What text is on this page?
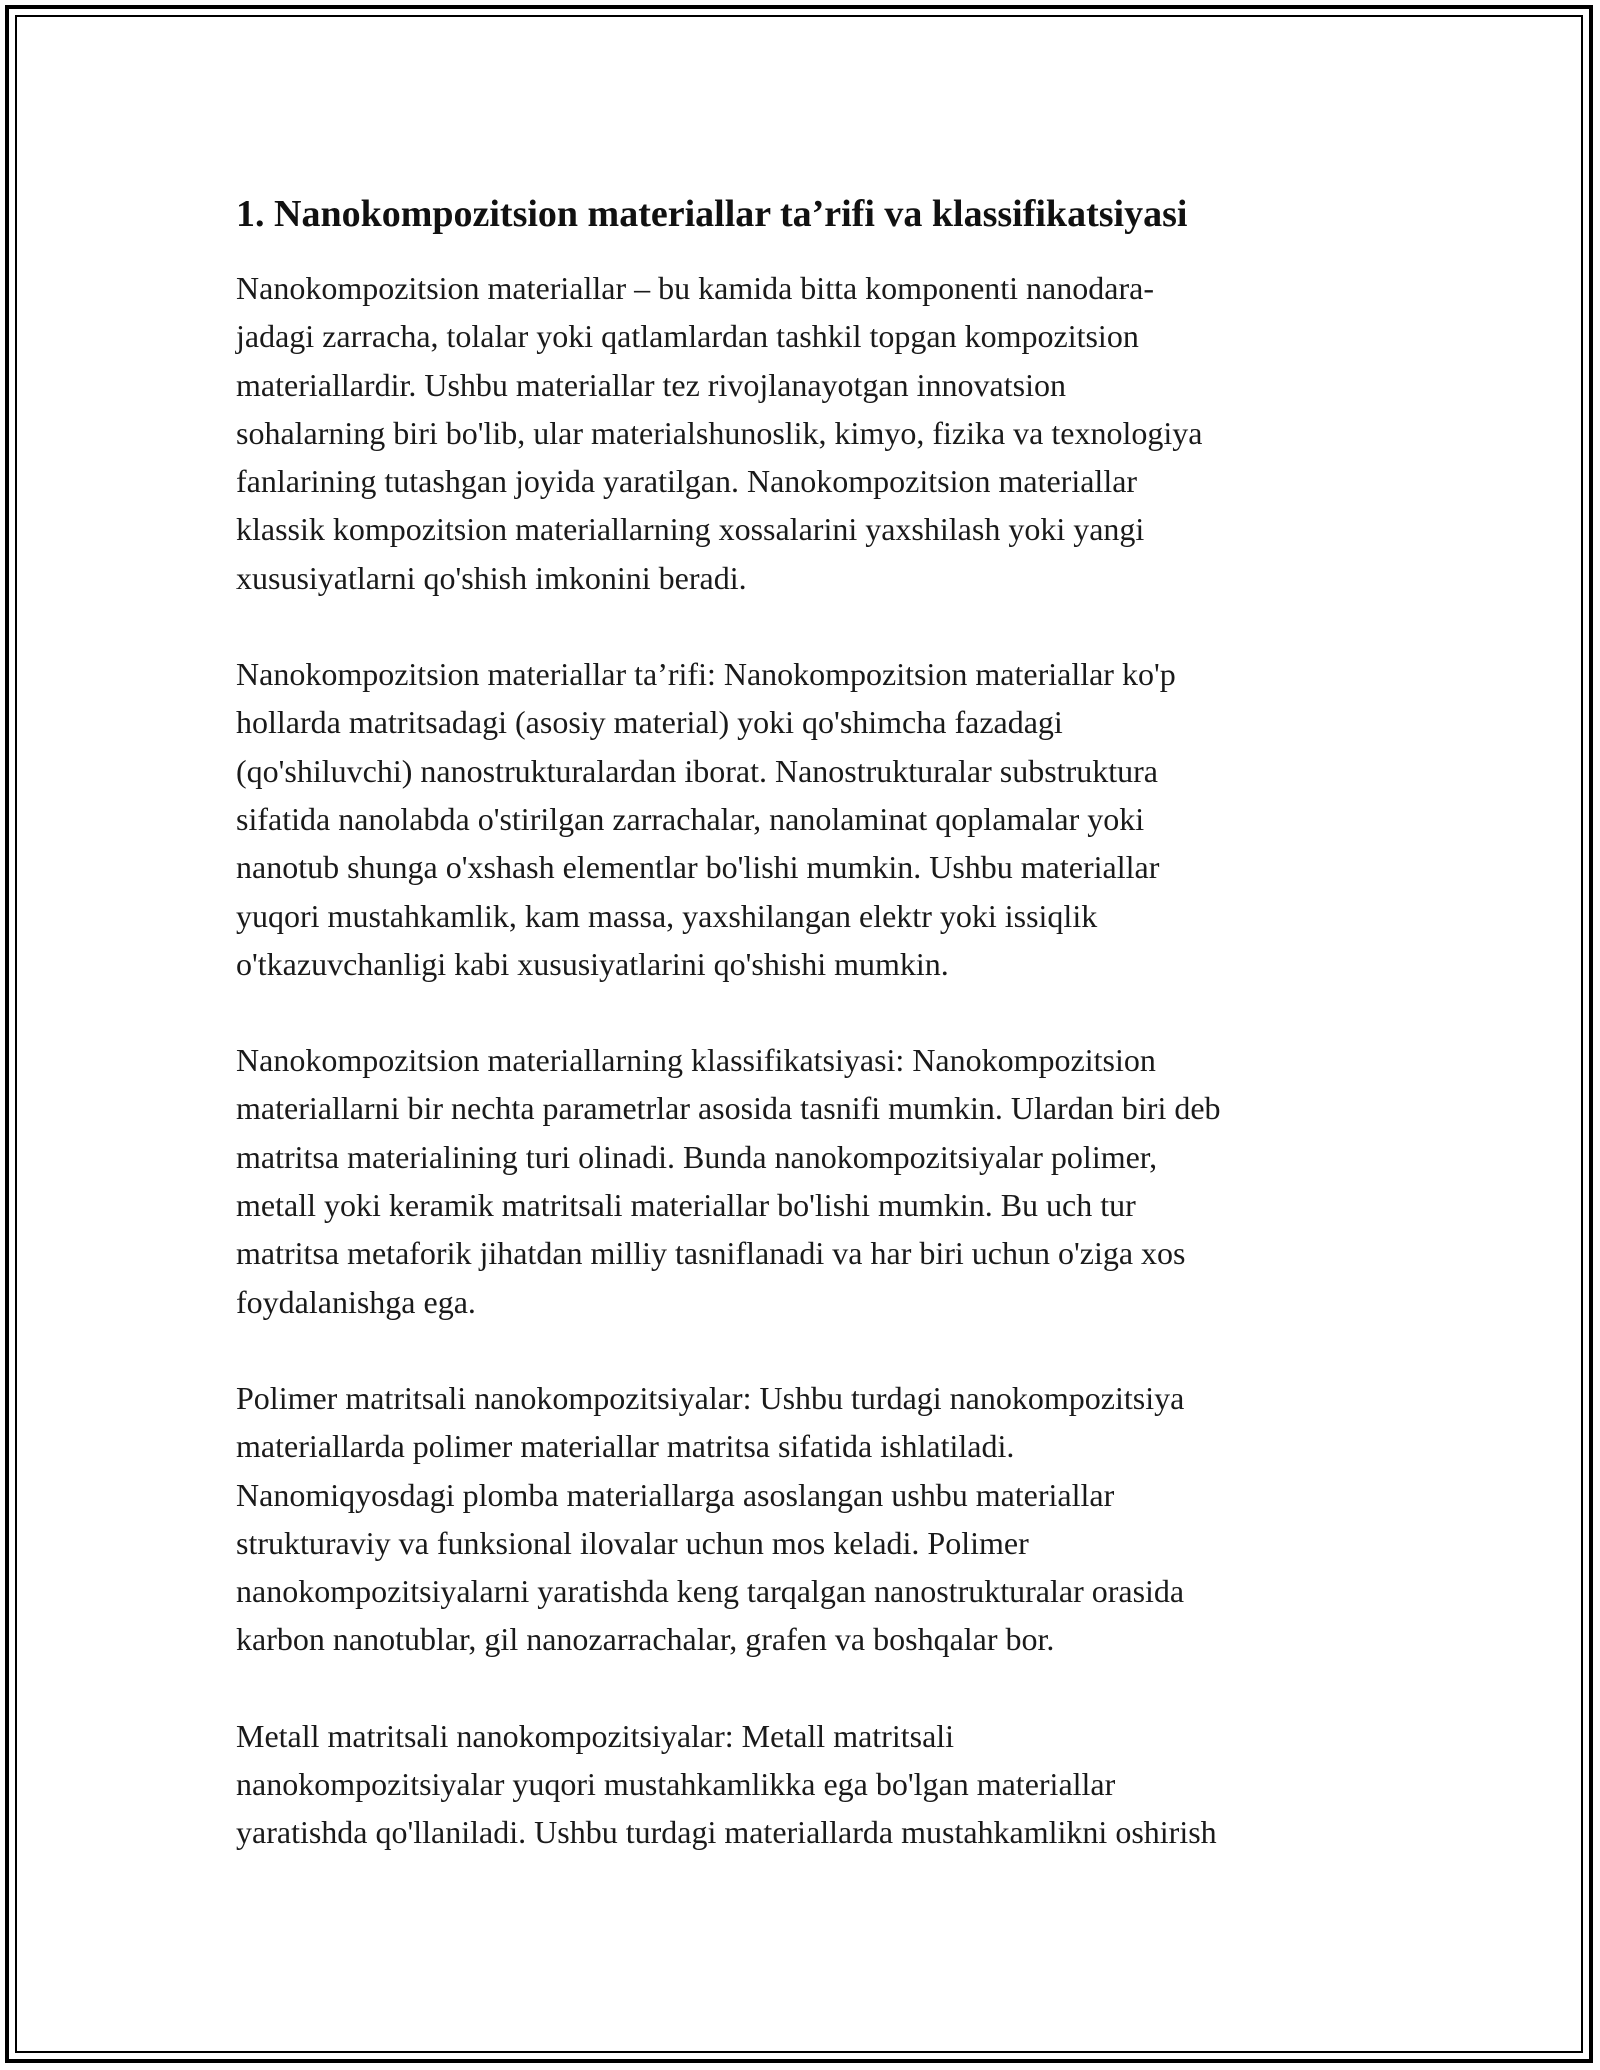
1. Nanokompozitsion materiallar ta’rifi va klassifikatsiyasi

Nanokompozitsion materiallar – bu kamida bitta komponenti nanodara-
jadagi zarracha, tolalar yoki qatlamlardan tashkil topgan kompozitsion
materiallardir. Ushbu materiallar tez rivojlanayotgan innovatsion
sohalarning biri bo'lib, ular materialshunoslik, kimyo, fizika va texnologiya
fanlarining tutashgan joyida yaratilgan. Nanokompozitsion materiallar
klassik kompozitsion materiallarning xossalarini yaxshilash yoki yangi
xususiyatlarni qo'shish imkonini beradi.

Nanokompozitsion materiallar ta’rifi: Nanokompozitsion materiallar ko'p
hollarda matritsadagi (asosiy material) yoki qo'shimcha fazadagi
(qo'shiluvchi) nanostrukturalardan iborat. Nanostrukturalar substruktura
sifatida nanolabda o'stirilgan zarrachalar, nanolaminat qoplamalar yoki
nanotub shunga o'xshash elementlar bo'lishi mumkin. Ushbu materiallar
yuqori mustahkamlik, kam massa, yaxshilangan elektr yoki issiqlik
o'tkazuvchanligi kabi xususiyatlarini qo'shishi mumkin.

Nanokompozitsion materiallarning klassifikatsiyasi: Nanokompozitsion
materiallarni bir nechta parametrlar asosida tasnifi mumkin. Ulardan biri deb
matritsa materialining turi olinadi. Bunda nanokompozitsiyalar polimer,
metall yoki keramik matritsali materiallar bo'lishi mumkin. Bu uch tur
matritsa metaforik jihatdan milliy tasniflanadi va har biri uchun o'ziga xos
foydalanishga ega.

Polimer matritsali nanokompozitsiyalar: Ushbu turdagi nanokompozitsiya
materiallarda polimer materiallar matritsa sifatida ishlatiladi.
Nanomiqyosdagi plomba materiallarga asoslangan ushbu materiallar
strukturaviy va funksional ilovalar uchun mos keladi. Polimer
nanokompozitsiyalarni yaratishda keng tarqalgan nanostrukturalar orasida
karbon nanotublar, gil nanozarrachalar, grafen va boshqalar bor.

Metall matritsali nanokompozitsiyalar: Metall matritsali
nanokompozitsiyalar yuqori mustahkamlikka ega bo'lgan materiallar
yaratishda qo'llaniladi. Ushbu turdagi materiallarda mustahkamlikni oshirish
